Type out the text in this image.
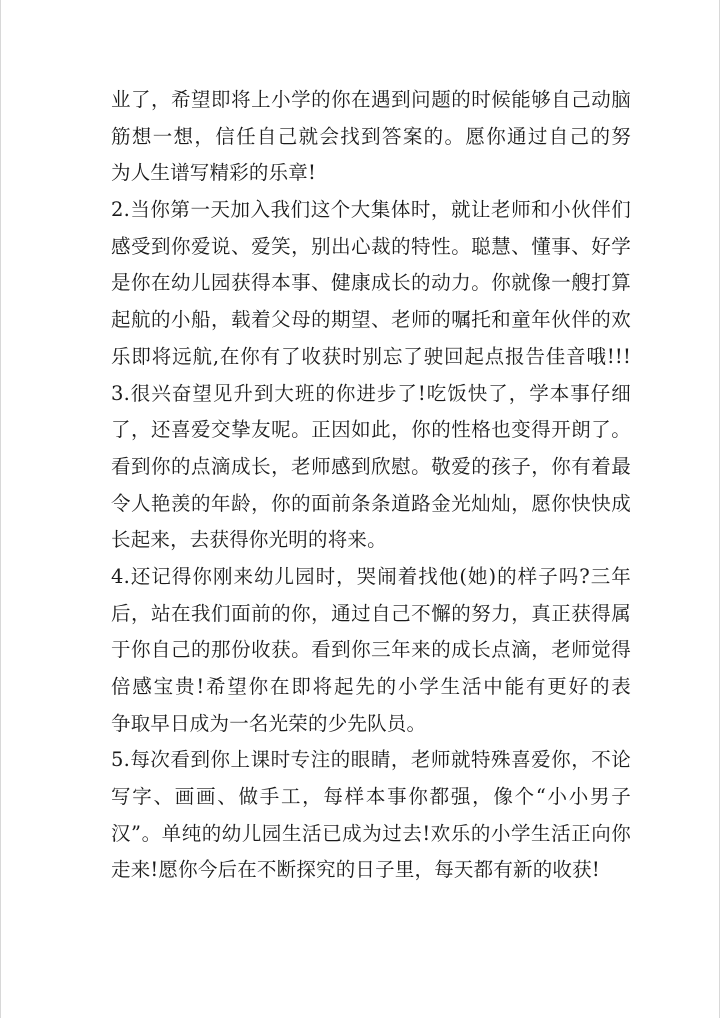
业了，希望即将上小学的你在遇到问题的时候能够自己动脑
筋想一想，信任自己就会找到答案的。愿你通过自己的努
为人生谱写精彩的乐章!
2.当你第一天加入我们这个大集体时，就让老师和小伙伴们
感受到你爱说、爱笑，别出心裁的特性。聪慧、懂事、好学
是你在幼儿园获得本事、健康成长的动力。你就像一艘打算
起航的小船，载着父母的期望、老师的嘱托和童年伙伴的欢
乐即将远航,在你有了收获时别忘了驶回起点报告佳音哦!!!
3.很兴奋望见升到大班的你进步了!吃饭快了，学本事仔细
了，还喜爱交挚友呢。正因如此，你的性格也变得开朗了。
看到你的点滴成长，老师感到欣慰。敬爱的孩子，你有着最
令人艳羡的年龄，你的面前条条道路金光灿灿，愿你快快成
长起来，去获得你光明的将来。
4.还记得你刚来幼儿园时，哭闹着找他(她)的样子吗?三年
后，站在我们面前的你，通过自己不懈的努力，真正获得属
于你自己的那份收获。看到你三年来的成长点滴，老师觉得
倍感宝贵!希望你在即将起先的小学生活中能有更好的表
争取早日成为一名光荣的少先队员。
5.每次看到你上课时专注的眼睛，老师就特殊喜爱你，不论
写字、画画、做手工，每样本事你都强，像个“小小男子
汉”。单纯的幼儿园生活已成为过去!欢乐的小学生活正向你
走来!愿你今后在不断探究的日子里，每天都有新的收获!
